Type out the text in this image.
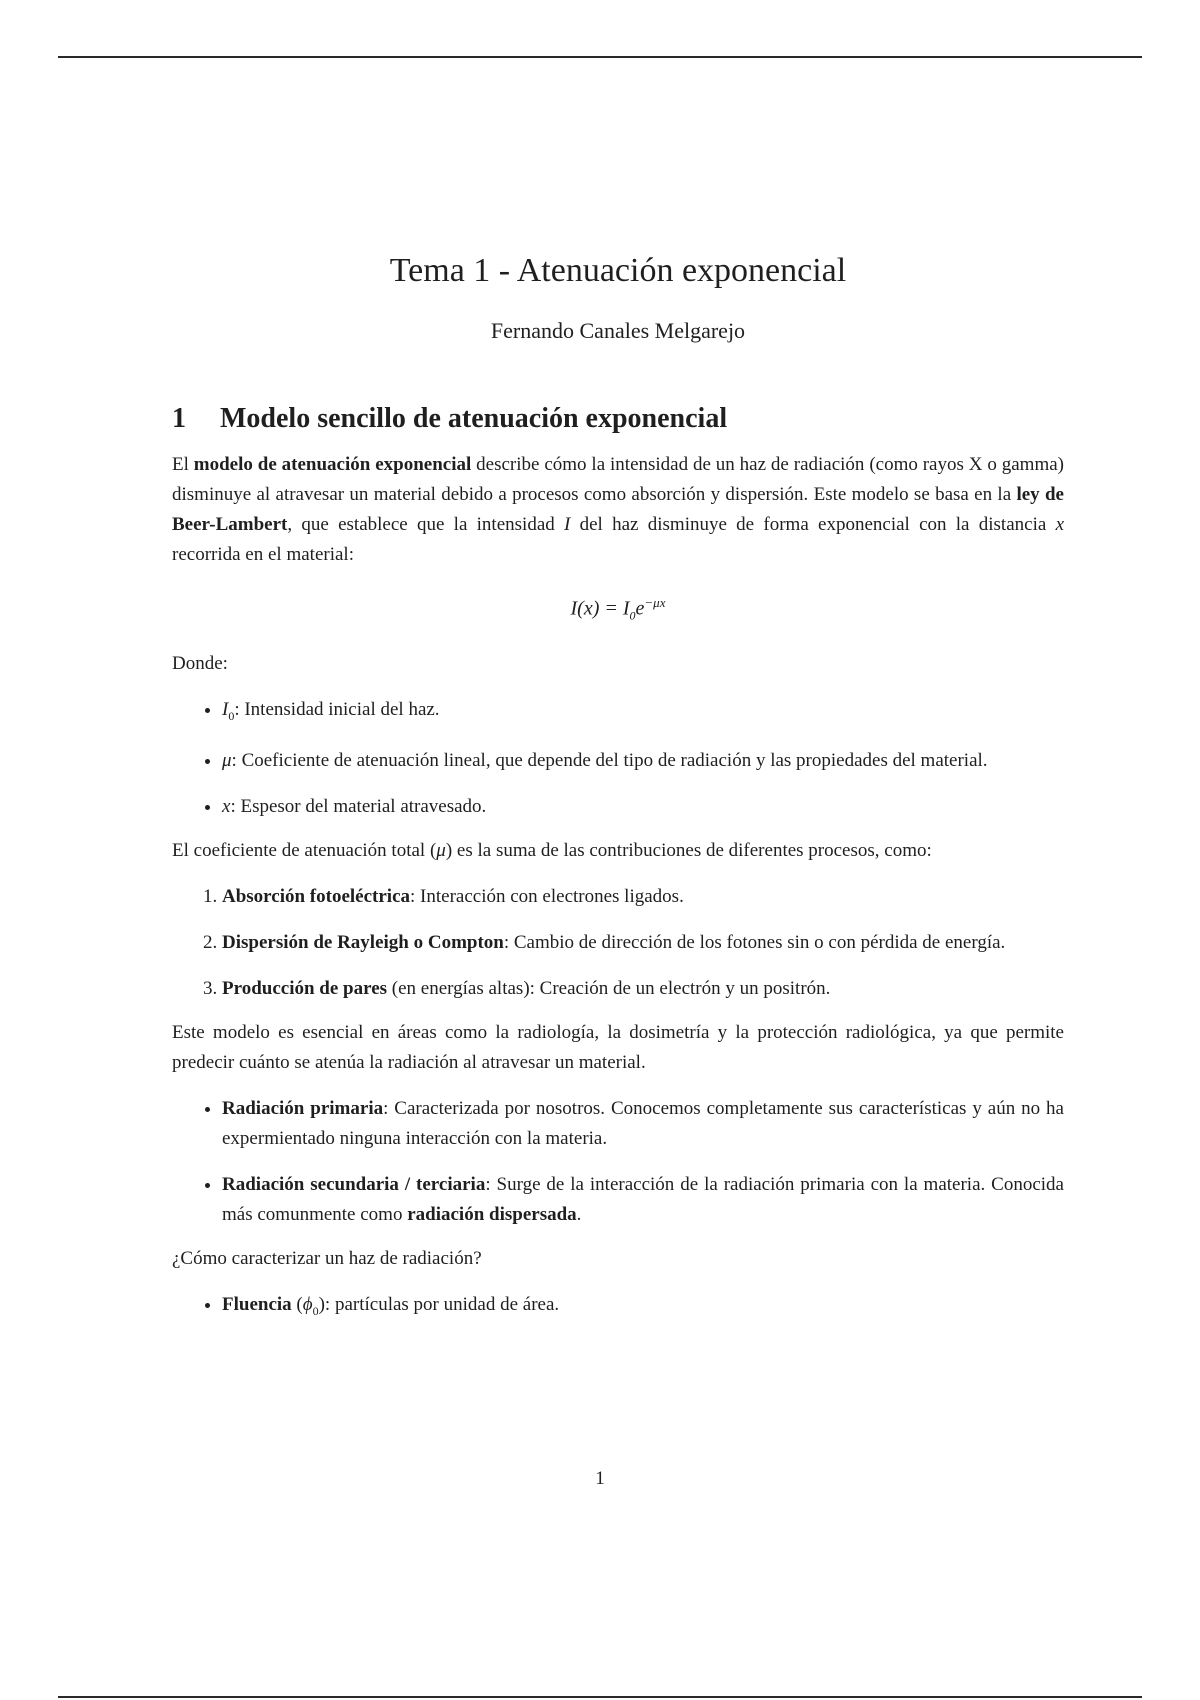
Tema 1 - Atenuación exponencial
Fernando Canales Melgarejo
1 Modelo sencillo de atenuación exponencial

El modelo de atenuación exponencial describe cómo la intensidad de un haz de radiación (como rayos X o gamma) disminuye al atravesar un material debido a procesos como absorción y dispersión. Este modelo se basa en la ley de Beer-Lambert, que establece que la intensidad I del haz disminuye de forma exponencial con la distancia x recorrida en el material:

$I(x) = I_0e^{-\mu x}$

Donde:

• $I_0$: Intensidad inicial del haz.
• μ: Coeficiente de atenuación lineal, que depende del tipo de radiación y las propiedades del material.
• x: Espesor del material atravesado.

El coeficiente de atenuación total (μ) es la suma de las contribuciones de diferentes procesos, como:

1. Absorción fotoeléctrica: Interacción con electrones ligados.
2. Dispersión de Rayleigh o Compton: Cambio de dirección de los fotones sin o con pérdida de energía.
3. Producción de pares (en energías altas): Creación de un electrón y un positrón.

Este modelo es esencial en áreas como la radiología, la dosimetría y la protección radiológica, ya que permite predecir cuánto se atenúa la radiación al atravesar un material.

• Radiación primaria: Caracterizada por nosotros. Conocemos completamente sus características y aún no ha expermientado ninguna interacción con la materia.
• Radiación secundaria / terciaria: Surge de la interacción de la radiación primaria con la materia. Conocida más comunmente como radiación dispersada.

¿Cómo caracterizar un haz de radiación?

• Fluencia $(\phi_0)$: partículas por unidad de área.
1
